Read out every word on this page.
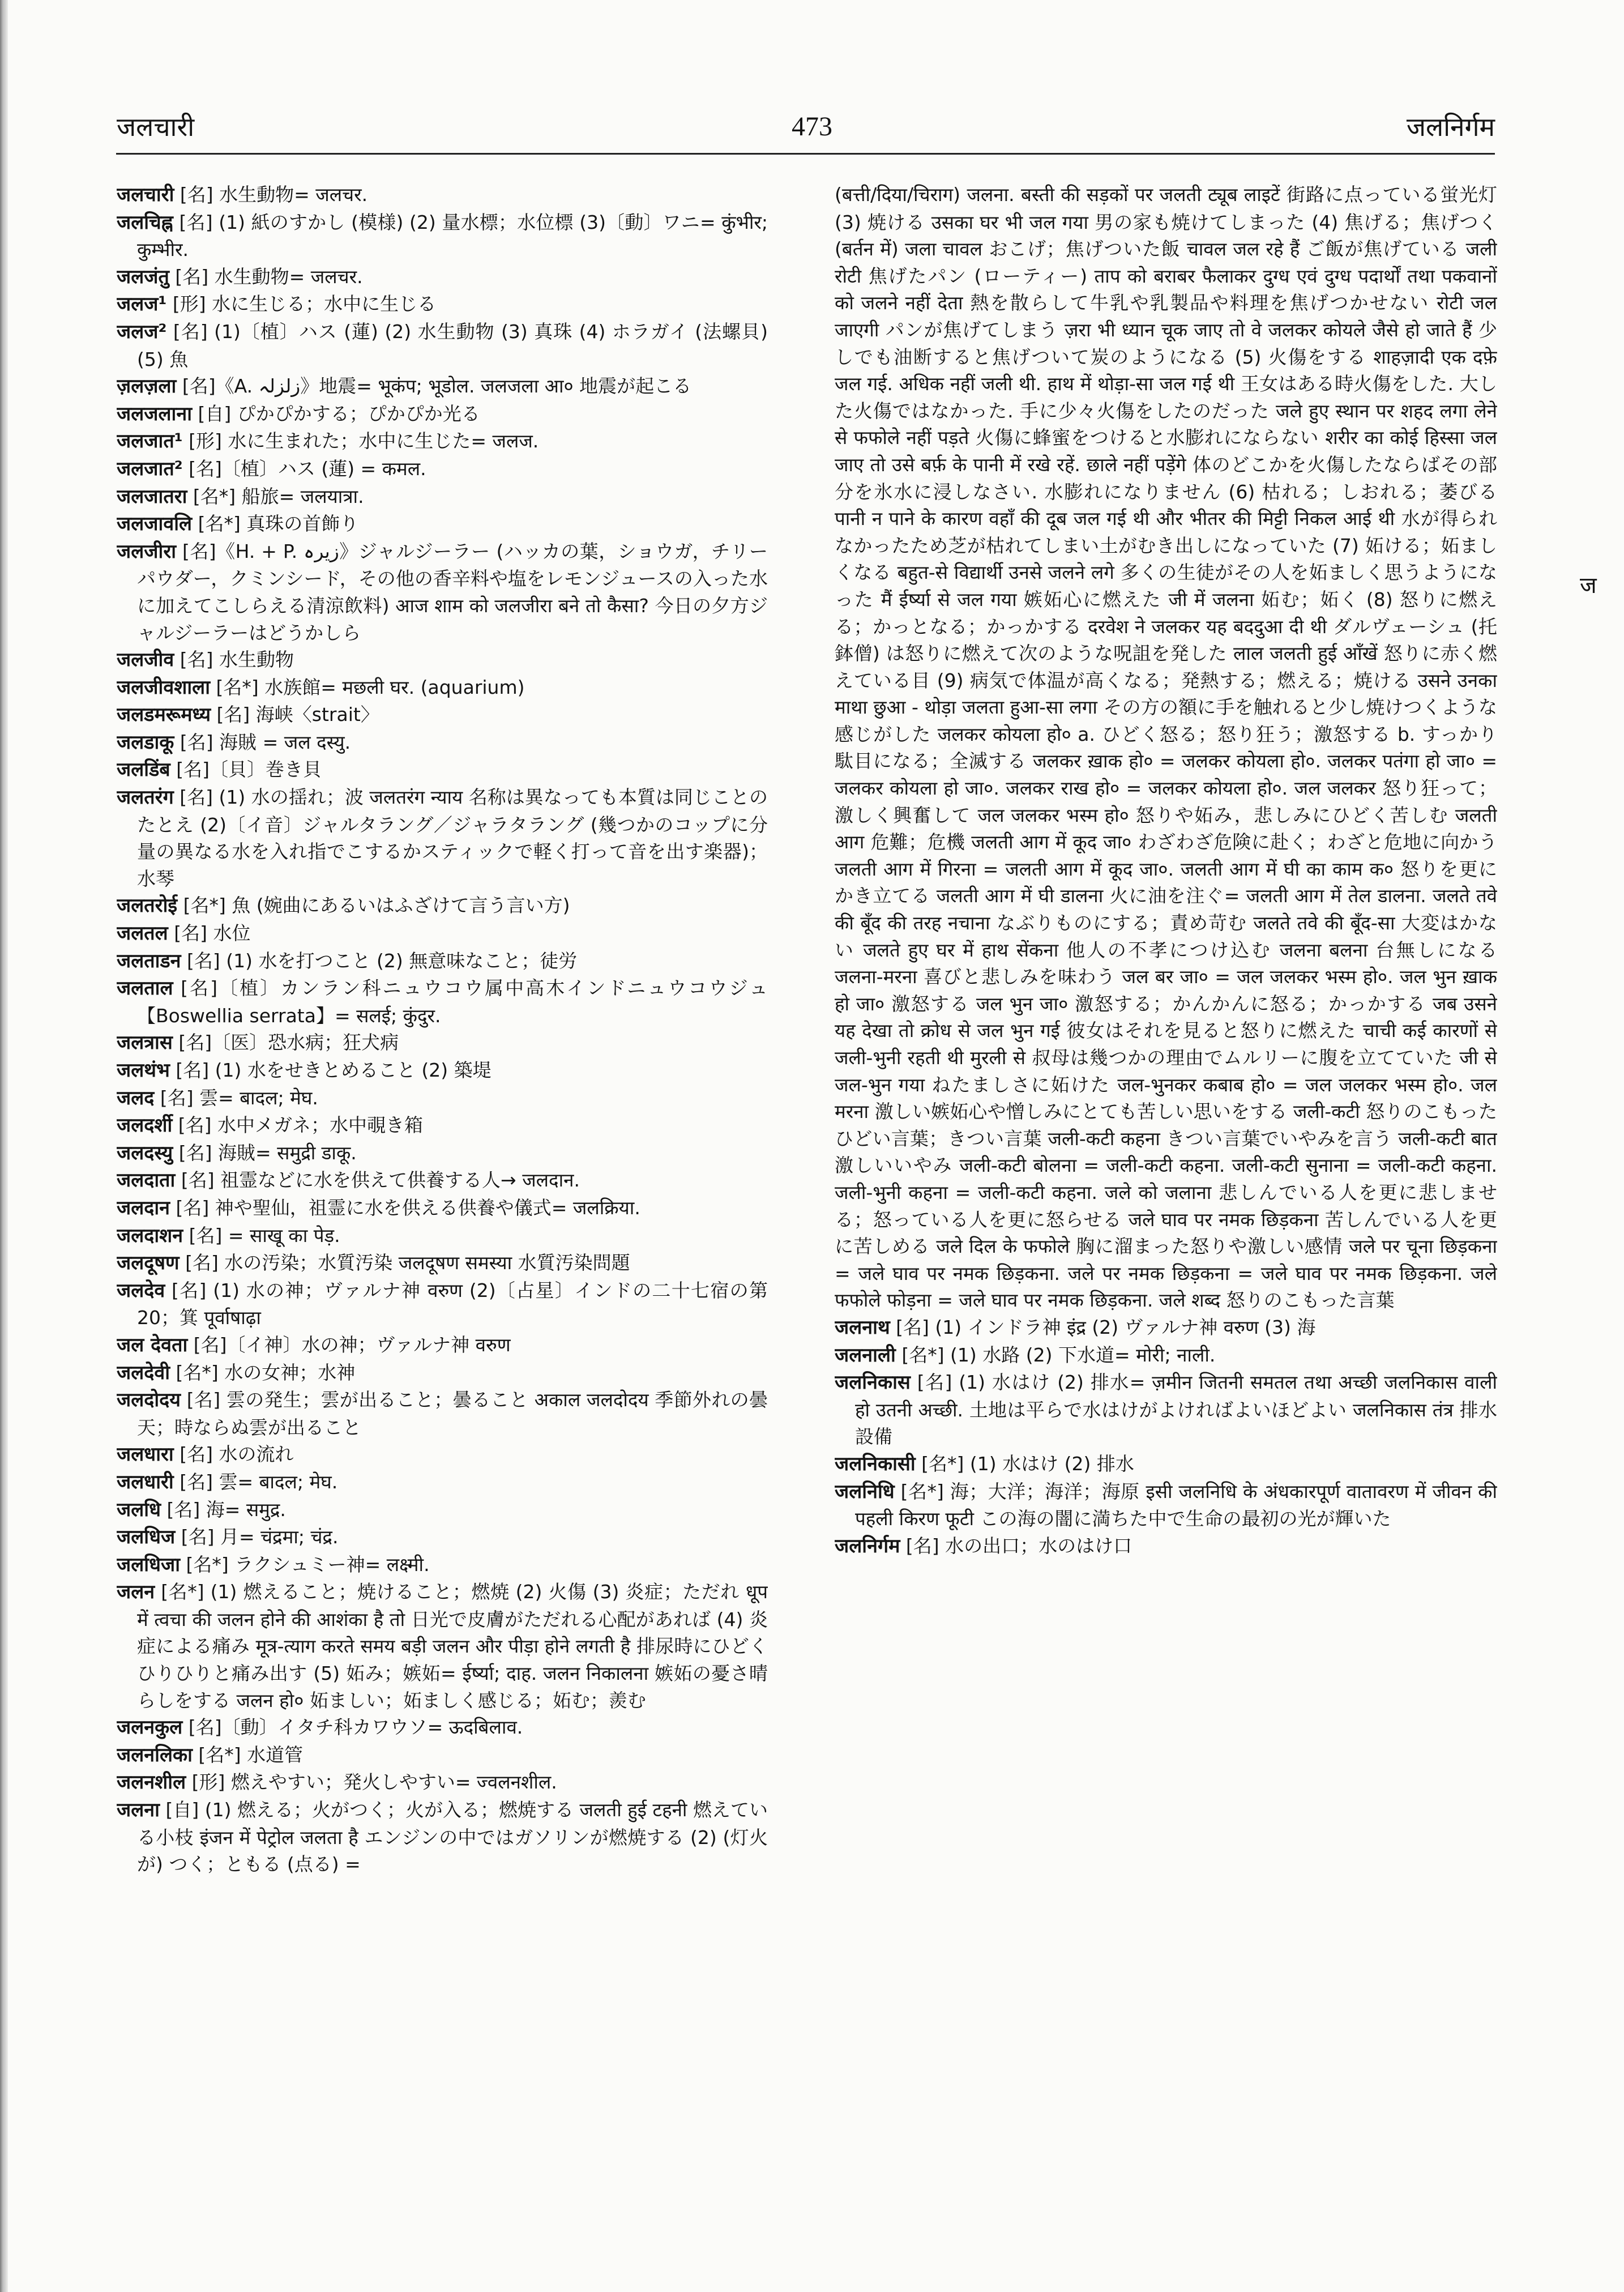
जलचारी	473	जलनिर्गम

जलचारी [名] 水生動物= जलचर.

जलचिह्न [名] (1) 紙のすかし (模様) (2) 量水標；水位標 (3)〔動〕ワニ= कुंभीर; कुम्भीर.

जलजंतु [名] 水生動物= जलचर.

जलज¹ [形] 水に生じる；水中に生じる

जलज² [名] (1)〔植〕ハス (蓮) (2) 水生動物 (3) 真珠 (4) ホラガイ (法螺貝) (5) 魚

ज़लज़ला [名]《A. زلزلہ》地震= भूकंप; भूडोल. जलजला आ० 地震が起こる

जलजलाना [自] ぴかぴかする；ぴかぴか光る

जलजात¹ [形] 水に生まれた；水中に生じた= जलज.

जलजात² [名]〔植〕ハス (蓮) = कमल.

जलजातरा [名*] 船旅= जलयात्रा.

जलजावलि [名*] 真珠の首飾り

जलजीरा [名]《H. + P. زیرہ》ジャルジーラー (ハッカの葉，ショウガ，チリーパウダー，クミンシード，その他の香辛料や塩をレモンジュースの入った水に加えてこしらえる清涼飲料) आज शाम को जलजीरा बने तो कैसा? 今日の夕方ジャルジーラーはどうかしら

जलजीव [名] 水生動物

जलजीवशाला [名*] 水族館= मछली घर. (aquarium)

जलडमरूमध्य [名] 海峡〈strait〉

जलडाकू [名] 海賊 = जल दस्यु.

जलडिंब [名]〔貝〕巻き貝

जलतरंग [名] (1) 水の揺れ；波 जलतरंग न्याय 名称は異なっても本質は同じことのたとえ (2)〔イ音〕ジャルタラング／ジャラタラング (幾つかのコップに分量の異なる水を入れ指でこするかスティックで軽く打って音を出す楽器)；水琴

जलतरोई [名*] 魚 (婉曲にあるいはふざけて言う言い方)

जलतल [名] 水位

जलताडन [名] (1) 水を打つこと (2) 無意味なこと；徒労

जलताल [名]〔植〕カンラン科ニュウコウ属中高木インドニュウコウジュ【Boswellia serrata】= सलई; कुंदुर.

जलत्रास [名]〔医〕恐水病；狂犬病

जलथंभ [名] (1) 水をせきとめること (2) 築堤

जलद [名] 雲= बादल; मेघ.

जलदर्शी [名] 水中メガネ；水中覗き箱

जलदस्यु [名] 海賊= समुद्री डाकू.

जलदाता [名] 祖霊などに水を供えて供養する人→ जलदान.

जलदान [名] 神や聖仙，祖霊に水を供える供養や儀式= जलक्रिया.

जलदाशन [名] = साखू का पेड़.

जलदूषण [名] 水の汚染；水質汚染 जलदूषण समस्या 水質汚染問題

जलदेव [名] (1) 水の神；ヴァルナ神 वरुण (2)〔占星〕インドの二十七宿の第 20；箕 पूर्वाषाढ़ा

जल देवता [名]〔イ神〕水の神；ヴァルナ神 वरुण

जलदेवी [名*] 水の女神；水神

जलदोदय [名] 雲の発生；雲が出ること；曇ること अकाल जलदोदय 季節外れの曇天；時ならぬ雲が出ること

जलधारा [名] 水の流れ

जलधारी [名] 雲= बादल; मेघ.

जलधि [名] 海= समुद्र.

जलधिज [名] 月= चंद्रमा; चंद्र.

जलधिजा [名*] ラクシュミー神= लक्ष्मी.

जलन [名*] (1) 燃えること；焼けること；燃焼 (2) 火傷 (3) 炎症；ただれ धूप में त्वचा की जलन होने की आशंका है तो 日光で皮膚がただれる心配があれば (4) 炎症による痛み मूत्र-त्याग करते समय बड़ी जलन और पीड़ा होने लगती है 排尿時にひどくひりひりと痛み出す (5) 妬み；嫉妬= ईर्ष्या; दाह. जलन निकालना 嫉妬の憂さ晴らしをする जलन हो० 妬ましい；妬ましく感じる；妬む；羨む

जलनकुल [名]〔動〕イタチ科カワウソ= ऊदबिलाव.

जलनलिका [名*] 水道管

जलनशील [形] 燃えやすい；発火しやすい= ज्वलनशील.

जलना [自] (1) 燃える；火がつく；火が入る；燃焼する जलती हुई टहनी 燃えている小枝 इंजन में पेट्रोल जलता है エンジンの中ではガソリンが燃焼する (2) (灯火が) つく；ともる (点る) =

(बत्ती/दिया/चिराग) जलना. बस्ती की सड़कों पर जलती ट्यूब लाइटें 街路に点っている蛍光灯 (3) 焼ける उसका घर भी जल गया 男の家も焼けてしまった (4) 焦げる；焦げつく (बर्तन में) जला चावल おこげ；焦げついた飯 चावल जल रहे हैं ご飯が焦げている जली रोटी 焦げたパン (ローティー) ताप को बराबर फैलाकर दुग्ध एवं दुग्ध पदार्थों तथा पकवानों को जलने नहीं देता 熱を散らして牛乳や乳製品や料理を焦げつかせない रोटी जल जाएगी パンが焦げてしまう ज़रा भी ध्यान चूक जाए तो वे जलकर कोयले जैसे हो जाते हैं 少しでも油断すると焦げついて炭のようになる (5) 火傷をする शाहज़ादी एक दफ़े जल गई. अधिक नहीं जली थी. हाथ में थोड़ा-सा जल गई थी 王女はある時火傷をした. 大した火傷ではなかった. 手に少々火傷をしたのだった जले हुए स्थान पर शहद लगा लेने से फफोले नहीं पड़ते 火傷に蜂蜜をつけると水膨れにならない शरीर का कोई हिस्सा जल जाए तो उसे बर्फ़ के पानी में रखे रहें. छाले नहीं पड़ेंगे 体のどこかを火傷したならばその部分を氷水に浸しなさい. 水膨れになりません (6) 枯れる；しおれる；萎びる पानी न पाने के कारण वहाँ की दूब जल गई थी और भीतर की मिट्टी निकल आई थी 水が得られなかったため芝が枯れてしまい土がむき出しになっていた (7) 妬ける；妬ましくなる बहुत-से विद्यार्थी उनसे जलने लगे 多くの生徒がその人を妬ましく思うようになった मैं ईर्ष्या से जल गया 嫉妬心に燃えた जी में जलना 妬む；妬く (8) 怒りに燃える；かっとなる；かっかする दरवेश ने जलकर यह बददुआ दी थी ダルヴェーシュ (托鉢僧) は怒りに燃えて次のような呪詛を発した लाल जलती हुई आँखें 怒りに赤く燃えている目 (9) 病気で体温が高くなる；発熱する；燃える；焼ける उसने उनका माथा छुआ - थोड़ा जलता हुआ-सा लगा その方の額に手を触れると少し焼けつくような感じがした जलकर कोयला हो० a. ひどく怒る；怒り狂う；激怒する b. すっかり駄目になる；全滅する जलकर ख़ाक हो० = जलकर कोयला हो०. जलकर पतंगा हो जा० = जलकर कोयला हो जा०. जलकर राख हो० = जलकर कोयला हो०. जल जलकर 怒り狂って；激しく興奮して जल जलकर भस्म हो० 怒りや妬み，悲しみにひどく苦しむ जलती आग 危難；危機 जलती आग में कूद जा० わざわざ危険に赴く；わざと危地に向かう जलती आग में गिरना = जलती आग में कूद जा०. जलती आग में घी का काम क० 怒りを更にかき立てる जलती आग में घी डालना 火に油を注ぐ= जलती आग में तेल डालना. जलते तवे की बूँद की तरह नचाना なぶりものにする；責め苛む जलते तवे की बूँद-सा 大変はかない जलते हुए घर में हाथ सेंकना 他人の不孝につけ込む जलना बलना 台無しになる जलना-मरना 喜びと悲しみを味わう जल बर जा० = जल जलकर भस्म हो०. जल भुन ख़ाक हो जा० 激怒する जल भुन जा० 激怒する；かんかんに怒る；かっかする जब उसने यह देखा तो क्रोध से जल भुन गई 彼女はそれを見ると怒りに燃えた चाची कई कारणों से जली-भुनी रहती थी मुरली से 叔母は幾つかの理由でムルリーに腹を立てていた जी से जल-भुन गया ねたましさに妬けた जल-भुनकर कबाब हो० = जल जलकर भस्म हो०. जल मरना 激しい嫉妬心や憎しみにとても苦しい思いをする जली-कटी 怒りのこもったひどい言葉；きつい言葉 जली-कटी कहना きつい言葉でいやみを言う जली-कटी बात 激しいいやみ जली-कटी बोलना = जली-कटी कहना. जली-कटी सुनाना = जली-कटी कहना. जली-भुनी कहना = जली-कटी कहना. जले को जलाना 悲しんでいる人を更に悲しませる；怒っている人を更に怒らせる जले घाव पर नमक छिड़कना 苦しんでいる人を更に苦しめる जले दिल के फफोले 胸に溜まった怒りや激しい感情 जले पर चूना छिड़कना = जले घाव पर नमक छिड़कना. जले पर नमक छिड़कना = जले घाव पर नमक छिड़कना. जले फफोले फोड़ना = जले घाव पर नमक छिड़कना. जले शब्द 怒りのこもった言葉

जलनाथ [名] (1) インドラ神 इंद्र (2) ヴァルナ神 वरुण (3) 海

जलनाली [名*] (1) 水路 (2) 下水道= मोरी; नाली.

जलनिकास [名] (1) 水はけ (2) 排水= ज़मीन जितनी समतल तथा अच्छी जलनिकास वाली हो उतनी अच्छी. 土地は平らで水はけがよければよいほどよい जलनिकास तंत्र 排水設備

जलनिकासी [名*] (1) 水はけ (2) 排水

जलनिधि [名*] 海；大洋；海洋；海原 इसी जलनिधि के अंधकारपूर्ण वातावरण में जीवन की पहली किरण फूटी この海の闇に満ちた中で生命の最初の光が輝いた

जलनिर्गम [名] 水の出口；水のはけ口

ज
